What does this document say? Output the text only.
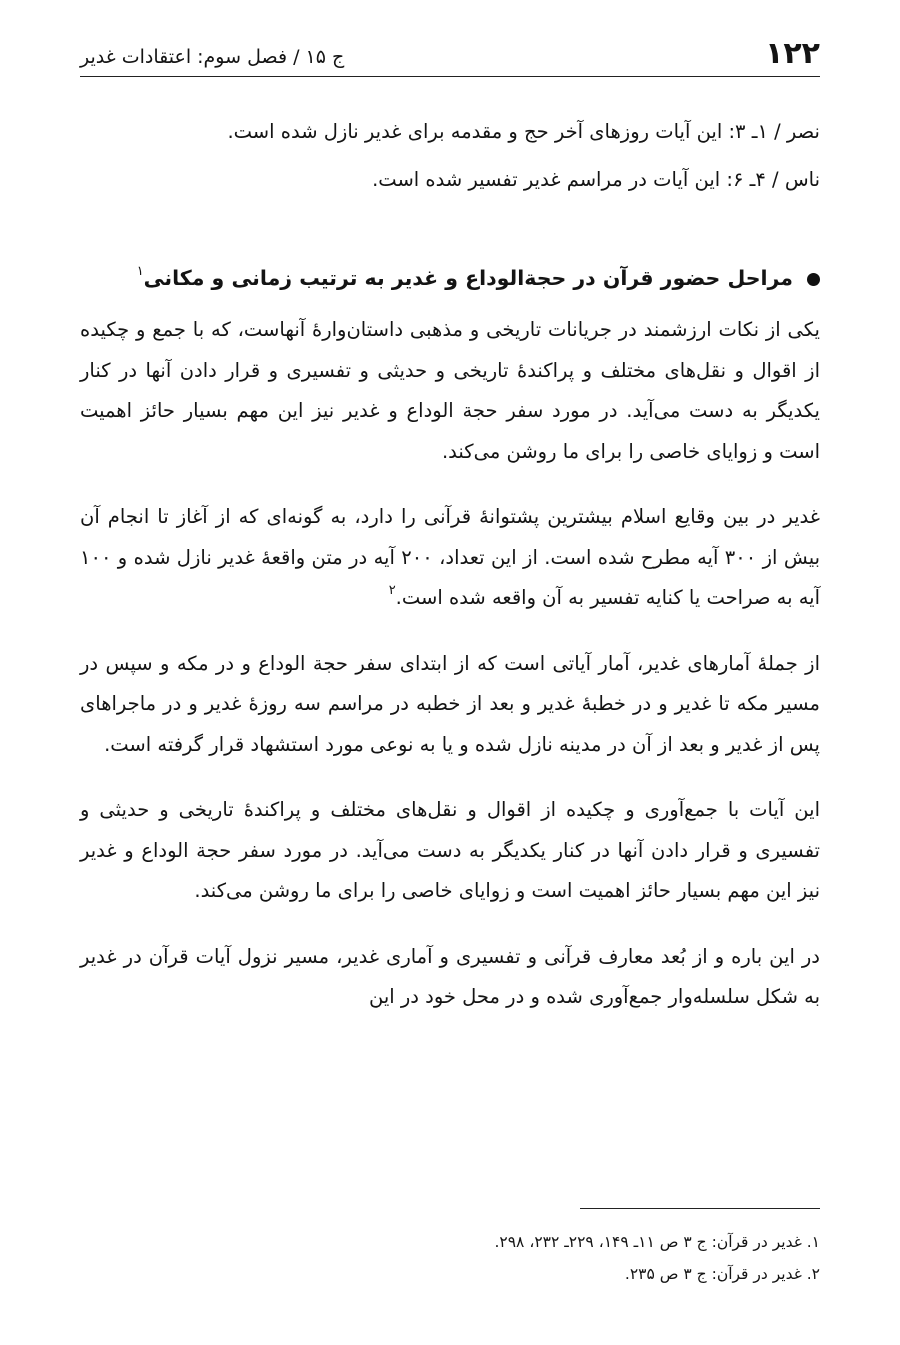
۱۲۲
ج ۱۵ / فصل سوم: اعتقادات غدیر

نصر / ۱ـ ۳: این آیات روزهای آخر حج و مقدمه برای غدیر نازل شده است.

ناس / ۴ـ ۶: این آیات در مراسم غدیر تفسیر شده است.

مراحل حضور قرآن در حجةالوداع و غدیر به ترتیب زمانی و مکانی$^۱$

یکی از نکات ارزشمند در جریانات تاریخی و مذهبی داستان‌وارهٔ آنهاست، که با جمع و چکیده از اقوال و نقل‌های مختلف و پراکندهٔ تاریخی و حدیثی و تفسیری و قرار دادن آنها در کنار یکدیگر به دست می‌آید. در مورد سفر حجة الوداع و غدیر نیز این مهم بسیار حائز اهمیت است و زوایای خاصی را برای ما روشن می‌کند.

غدیر در بین وقایع اسلام بیشترین پشتوانهٔ قرآنی را دارد، به گونه‌ای که از آغاز تا انجام آن بیش از ۳۰۰ آیه مطرح شده است. از این تعداد، ۲۰۰ آیه در متن واقعهٔ غدیر نازل شده و ۱۰۰ آیه به صراحت یا کنایه تفسیر به آن واقعه شده است.$^۲$

از جملهٔ آمارهای غدیر، آمار آیاتی است که از ابتدای سفر حجة الوداع و در مکه و سپس در مسیر مکه تا غدیر و در خطبهٔ غدیر و بعد از خطبه در مراسم سه روزهٔ غدیر و در ماجراهای پس از غدیر و بعد از آن در مدینه نازل شده و یا به نوعی مورد استشهاد قرار گرفته است.

این آیات با جمع‌آوری و چکیده از اقوال و نقل‌های مختلف و پراکندهٔ تاریخی و حدیثی و تفسیری و قرار دادن آنها در کنار یکدیگر به دست می‌آید. در مورد سفر حجة الوداع و غدیر نیز این مهم بسیار حائز اهمیت است و زوایای خاصی را برای ما روشن می‌کند.

در این باره و از بُعد معارف قرآنی و تفسیری و آماری غدیر، مسیر نزول آیات قرآن در غدیر به شکل سلسله‌وار جمع‌آوری شده و در محل خود در این

۱. غدیر در قرآن: ج ۳ ص ۱۱ـ ۱۴۹، ۲۲۹ـ ۲۳۲، ۲۹۸.

۲. غدیر در قرآن: ج ۳ ص ۲۳۵.
